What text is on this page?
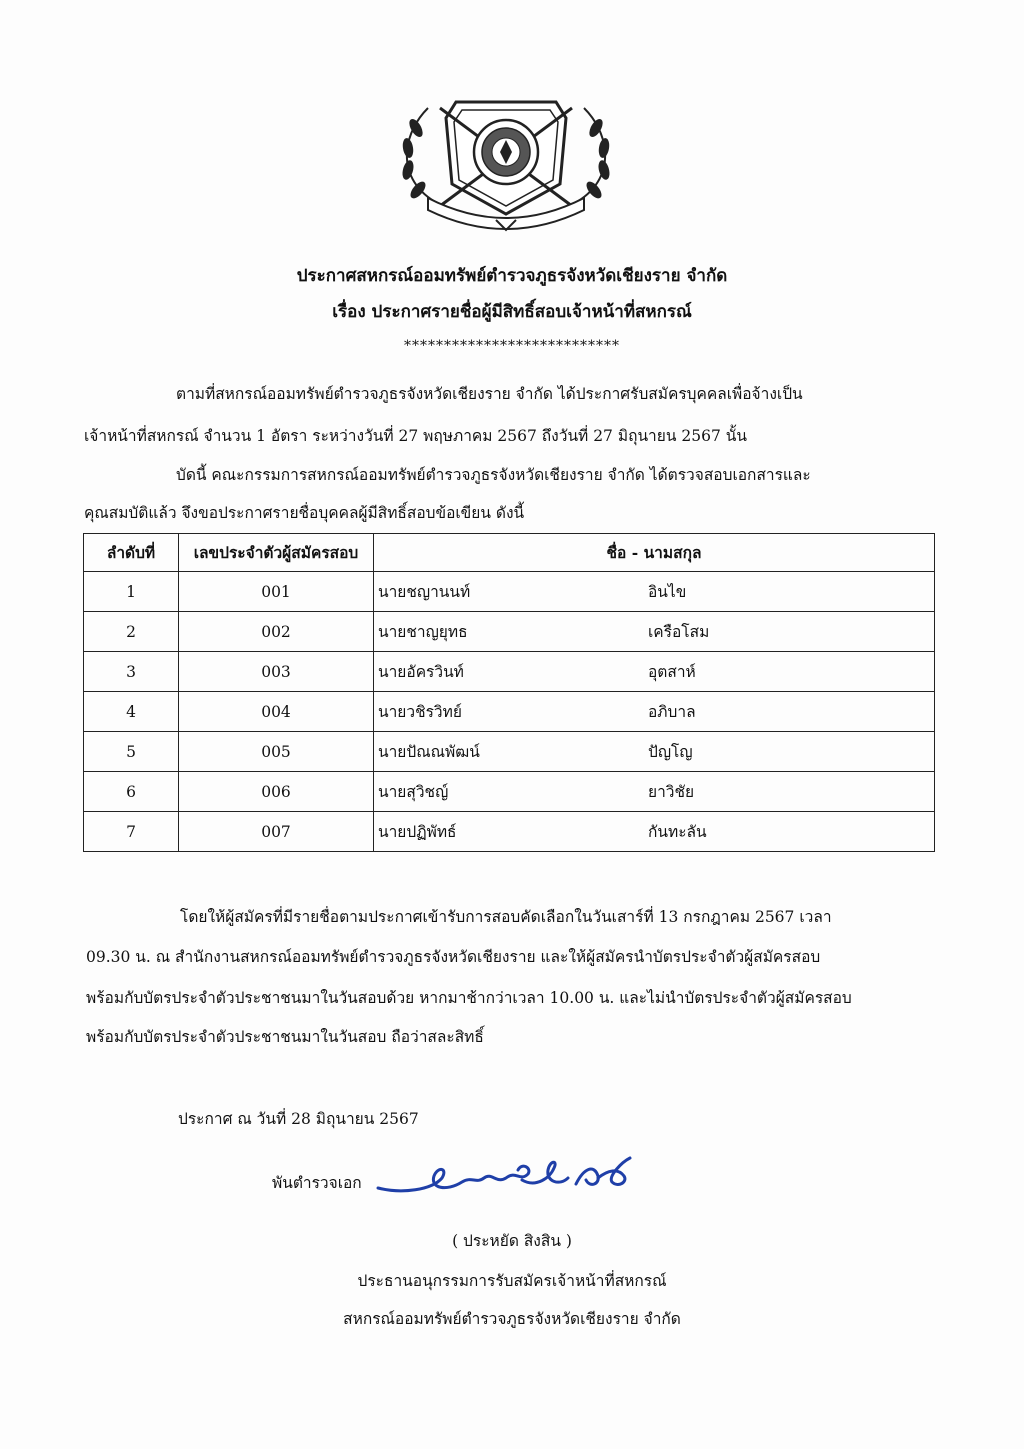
ประกาศสหกรณ์ออมทรัพย์ตำรวจภูธรจังหวัดเชียงราย จำกัด
เรื่อง ประกาศรายชื่อผู้มีสิทธิ์สอบเจ้าหน้าที่สหกรณ์
***************************
ตามที่สหกรณ์ออมทรัพย์ตำรวจภูธรจังหวัดเชียงราย จำกัด ได้ประกาศรับสมัครบุคคลเพื่อจ้างเป็น
เจ้าหน้าที่สหกรณ์ จำนวน 1 อัตรา ระหว่างวันที่ 27 พฤษภาคม 2567 ถึงวันที่ 27 มิถุนายน 2567 นั้น
บัดนี้ คณะกรรมการสหกรณ์ออมทรัพย์ตำรวจภูธรจังหวัดเชียงราย จำกัด ได้ตรวจสอบเอกสารและ
คุณสมบัติแล้ว จึงขอประกาศรายชื่อบุคคลผู้มีสิทธิ์สอบข้อเขียน ดังนี้
ลำดับที่	เลขประจำตัวผู้สมัครสอบ	ชื่อ - นามสกุล
1	001	นายชญานนท์ อินไข

2	002	นายชาญยุทธ เครือโสม

3	003	นายอัครวินท์ อุตสาห์

4	004	นายวชิรวิทย์ อภิบาล

5	005	นายปัณณพัฒน์ ปัญโญ

6	006	นายสุวิชญ์ ยาวิชัย

7	007	นายปฏิพัทธ์ กันทะลัน
โดยให้ผู้สมัครที่มีรายชื่อตามประกาศเข้ารับการสอบคัดเลือกในวันเสาร์ที่ 13 กรกฎาคม 2567 เวลา
09.30 น. ณ สำนักงานสหกรณ์ออมทรัพย์ตำรวจภูธรจังหวัดเชียงราย และให้ผู้สมัครนำบัตรประจำตัวผู้สมัครสอบ
พร้อมกับบัตรประจำตัวประชาชนมาในวันสอบด้วย หากมาช้ากว่าเวลา 10.00 น. และไม่นำบัตรประจำตัวผู้สมัครสอบ
พร้อมกับบัตรประจำตัวประชาชนมาในวันสอบ ถือว่าสละสิทธิ์
ประกาศ ณ วันที่ 28 มิถุนายน 2567
พันตำรวจเอก
( ประหยัด สิงสิน )
ประธานอนุกรรมการรับสมัครเจ้าหน้าที่สหกรณ์
สหกรณ์ออมทรัพย์ตำรวจภูธรจังหวัดเชียงราย จำกัด
